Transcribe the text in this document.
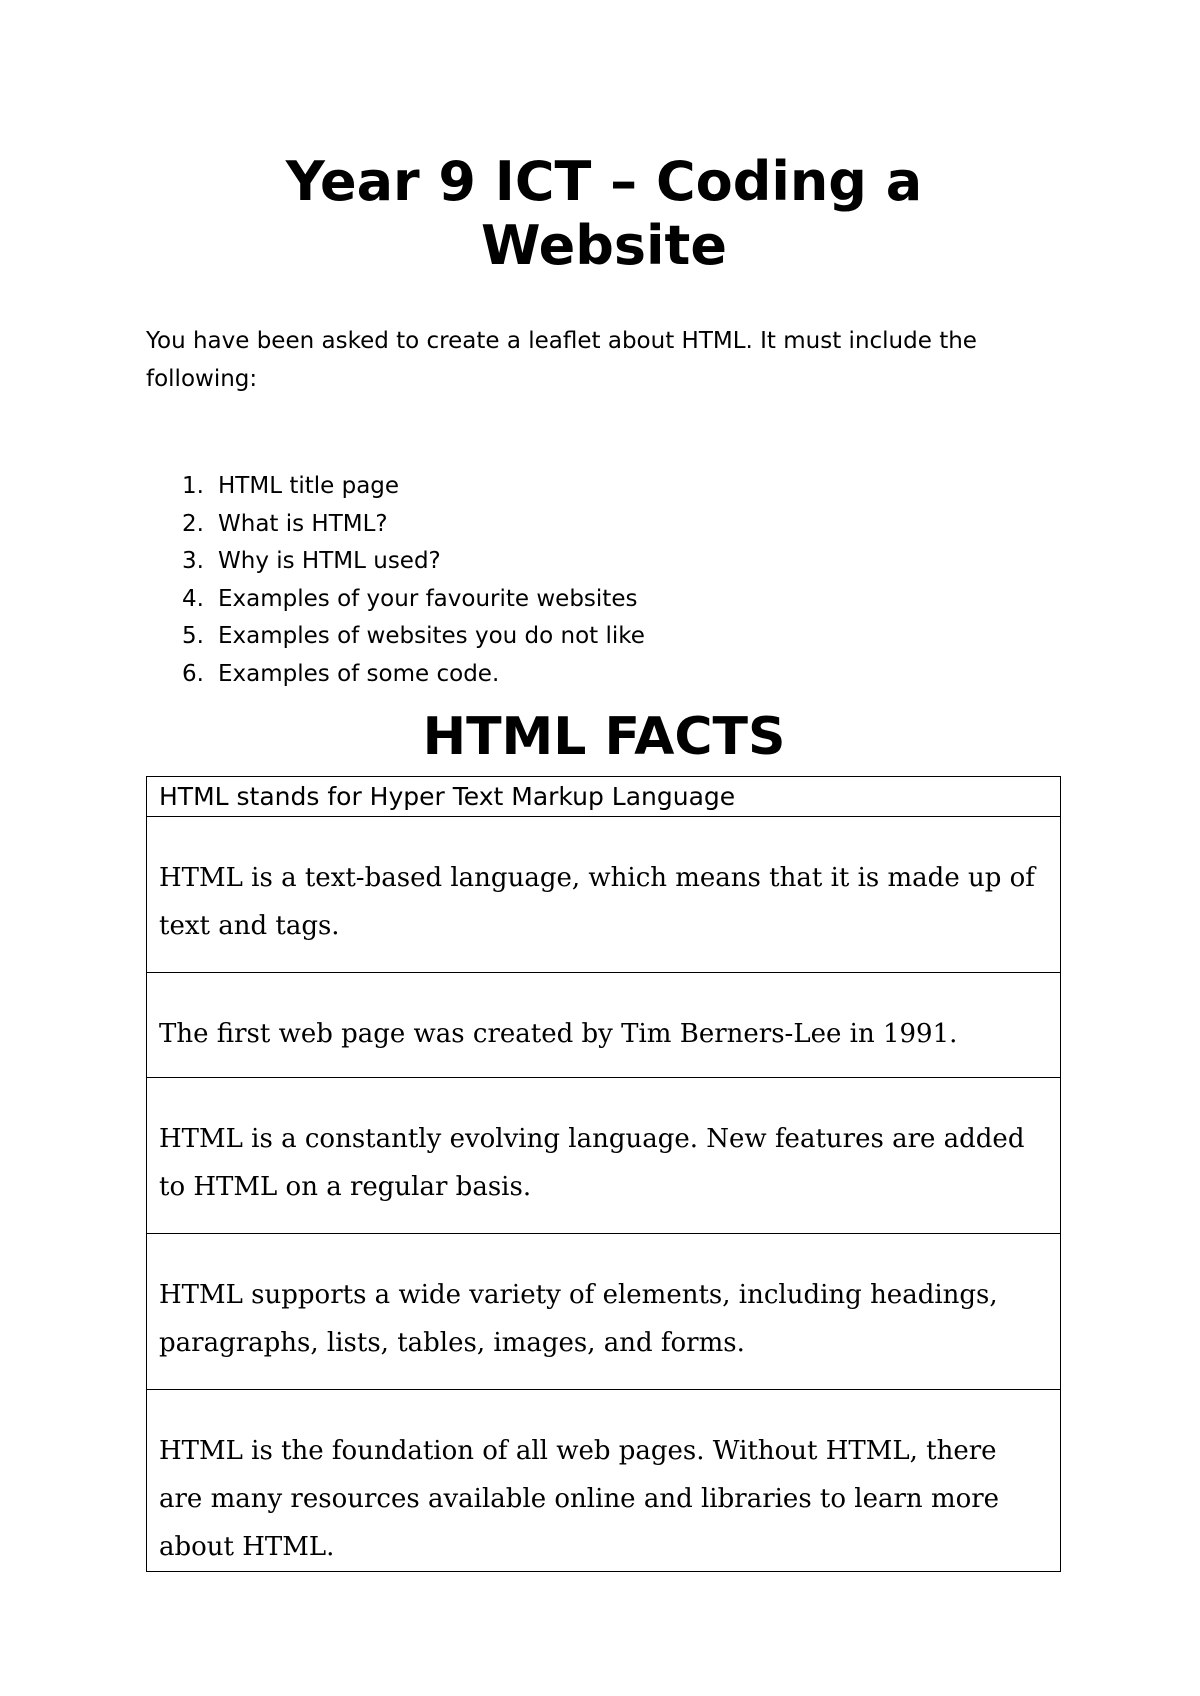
Year 9 ICT – Coding a
Website

You have been asked to create a leaflet about HTML. It must include the following:

1. HTML title page
2. What is HTML?
3. Why is HTML used?
4. Examples of your favourite websites
5. Examples of websites you do not like
6. Examples of some code.
HTML FACTS
HTML stands for Hyper Text Markup Language
HTML is a text-based language, which means that it is made up of text and tags.
The first web page was created by Tim Berners-Lee in 1991.
HTML is a constantly evolving language. New features are added to HTML on a regular basis.
HTML supports a wide variety of elements, including headings, paragraphs, lists, tables, images, and forms.
HTML is the foundation of all web pages. Without HTML, there are many resources available online and libraries to learn more about HTML.
